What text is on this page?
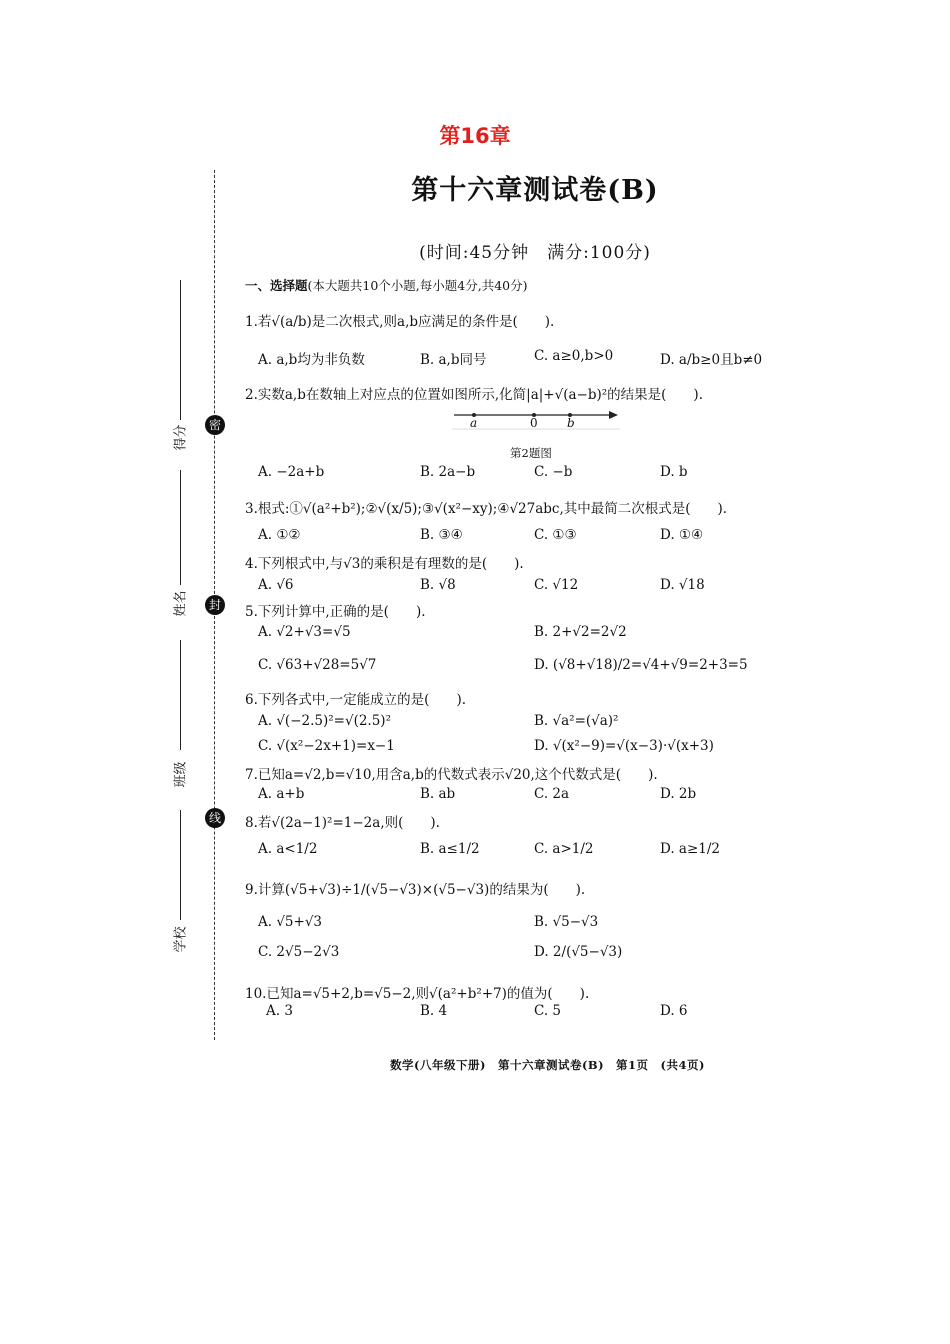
第16章
第十六章测试卷(B)
(时间:45分钟　满分:100分)
密
封
线
得分
姓名
班级
学校
一、选择题(本大题共10个小题,每小题4分,共40分)
1.若√(a/b)是二次根式,则a,b应满足的条件是(　　).
A. a,b均为非负数	B. a,b同号	C. a≥0,b>0	D. a/b≥0且b≠0
2.实数a,b在数轴上对应点的位置如图所示,化简|a|+√(a−b)²的结果是(　　).
a	0 b
第2题图
A. −2a+b	B. 2a−b	C. −b	D. b
3.根式:①√(a²+b²);②√(x/5);③√(x²−xy);④√27abc,其中最简二次根式是(　　).
A. ①②	B. ③④	C. ①③	D. ①④
4.下列根式中,与√3的乘积是有理数的是(　　).
A. √6	B. √8	C. √12	D. √18
5.下列计算中,正确的是(　　).
A. √2+√3=√5	B. 2+√2=2√2
C. √63+√28=5√7	D. (√8+√18)/2=√4+√9=2+3=5
6.下列各式中,一定能成立的是(　　).
A. √(−2.5)²=√(2.5)²	B. √a²=(√a)²
C. √(x²−2x+1)=x−1	D. √(x²−9)=√(x−3)·√(x+3)
7.已知a=√2,b=√10,用含a,b的代数式表示√20,这个代数式是(　　).
A. a+b	B. ab	C. 2a	D. 2b
8.若√(2a−1)²=1−2a,则(　　).
A. a<1/2	B. a≤1/2	C. a>1/2	D. a≥1/2
9.计算(√5+√3)÷1/(√5−√3)×(√5−√3)的结果为(　　).
A. √5+√3	B. √5−√3
C. 2√5−2√3	D. 2/(√5−√3)
10.已知a=√5+2,b=√5−2,则√(a²+b²+7)的值为(　　).
A. 3	B. 4	C. 5	D. 6
数学(八年级下册)　第十六章测试卷(B)　第1页　(共4页)
